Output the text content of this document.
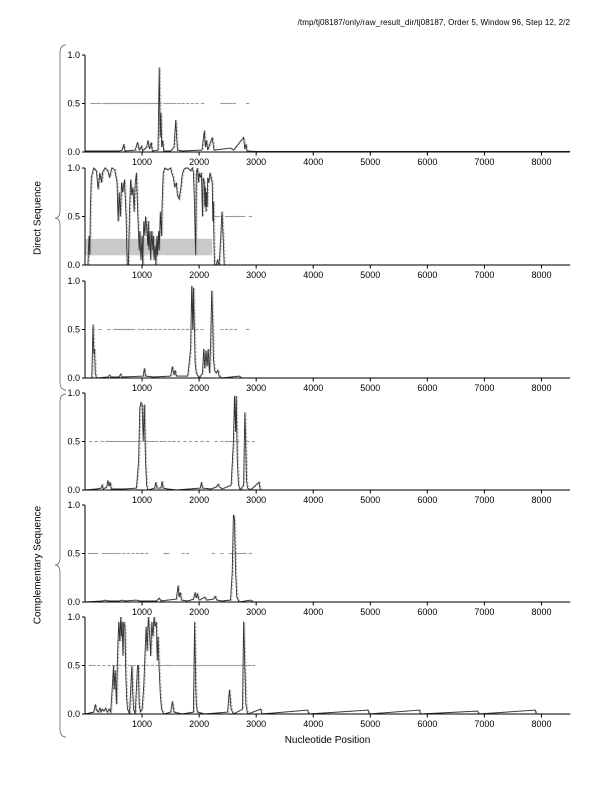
/tmp/tj08187/only/raw_result_dir/tj08187, Order 5, Window 96, Step 12, 2/2
0.0
0.5
1.0
1000	2000	3000	4000	5000	6000	7000	8000
0.0
0.5
1.0
1000	2000	3000	4000	5000	6000	7000	8000
0.0
0.5
1.0
1000	2000	3000	4000	5000	6000	7000	8000
0.0
0.5
1.0
1000	2000	3000	4000	5000	6000	7000	8000
0.0
0.5
1.0
1000	2000	3000	4000	5000	6000	7000	8000
0.0
0.5
1.0
1000	2000	3000	4000	5000	6000	7000	8000
Direct Sequence
Complementary Sequence
Nucleotide Position
